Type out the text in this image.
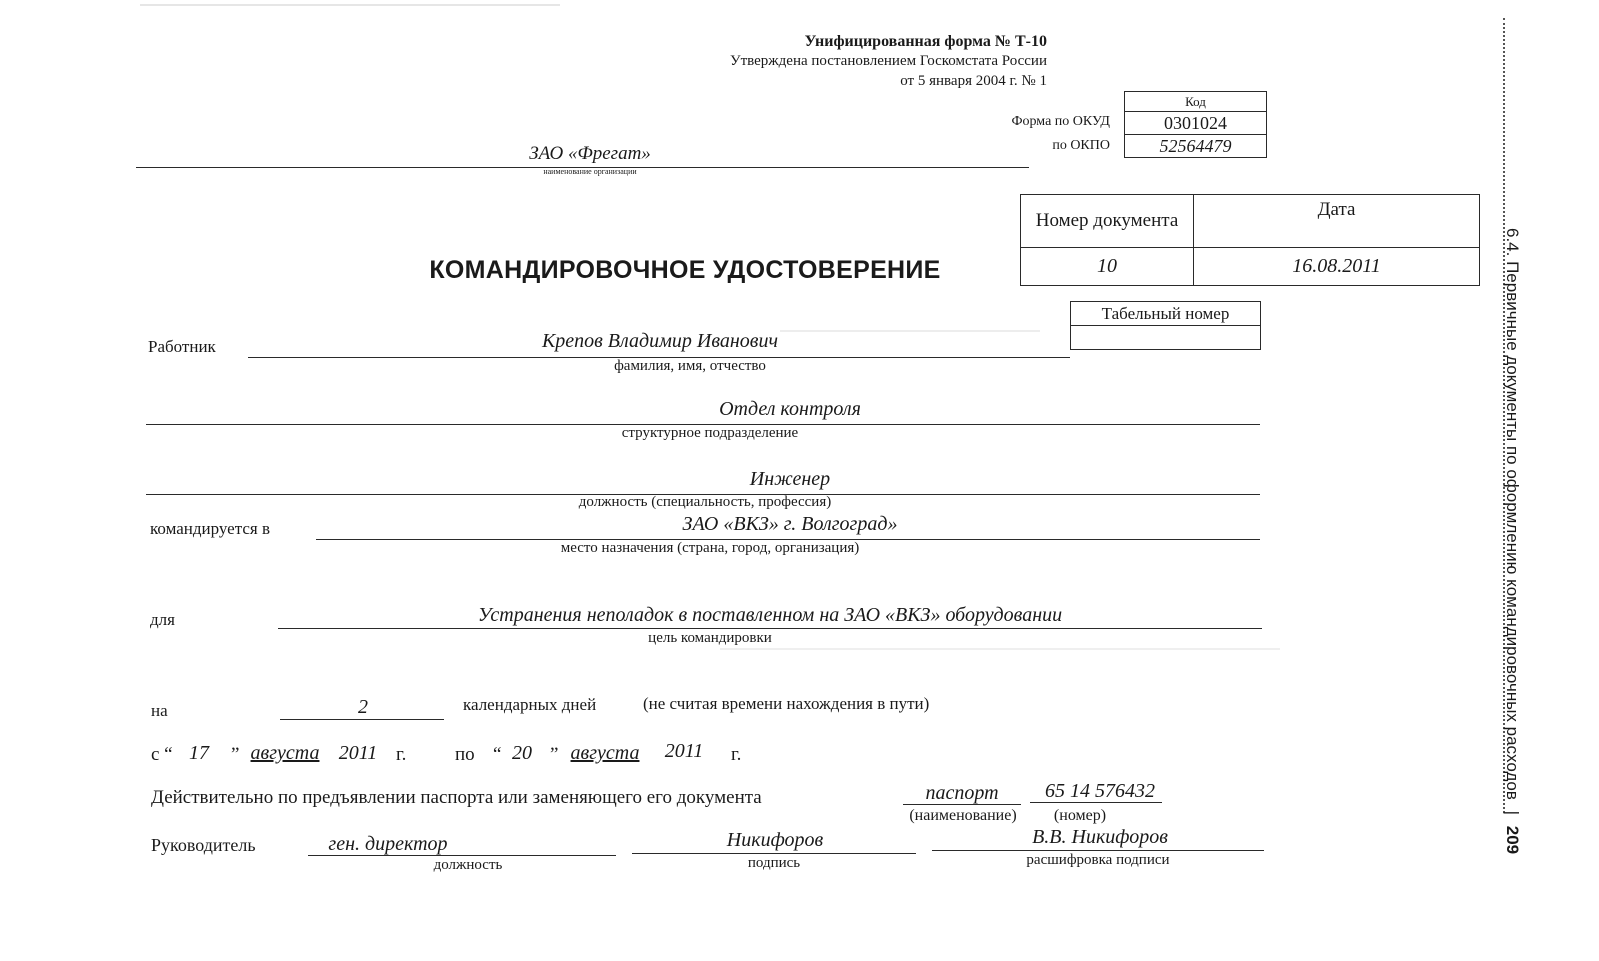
Унифицированная форма № Т-10
Утверждена постановлением Госкомстата России
от 5 января 2004 г. № 1
Код
0301024
52564479
Форма по ОКУД
по ОКПО
ЗАО «Фрегат»
наименование организации
Номер документа	Дата
10	16.08.2011
КОМАНДИРОВОЧНОЕ УДОСТОВЕРЕНИЕ
Табельный номер

Работник	Крепов Владимир Иванович
фамилия, имя, отчество
Отдел контроля
структурное подразделение
Инженер
должность (специальность, профессия)
командируется в	ЗАО «ВКЗ» г. Волгоград»
место назначения (страна, город, организация)
для	Устранения неполадок в поставленном на ЗАО «ВКЗ» оборудовании
цель командировки
на	2	календарных дней	(не считая времени нахождения в пути)
с “ 17	” августа 2011 г.	по “ 20 ” августа	2011	г.
Действительно по предъявлении паспорта или заменяющего его документа	паспорт	65 14 576432
(наименование)	(номер)
Руководитель	ген. директор
должность
Никифоров
подпись
В.В. Никифоров
расшифровка подписи
6.4. Первичные документы по оформлению командировочных расходов | 209
